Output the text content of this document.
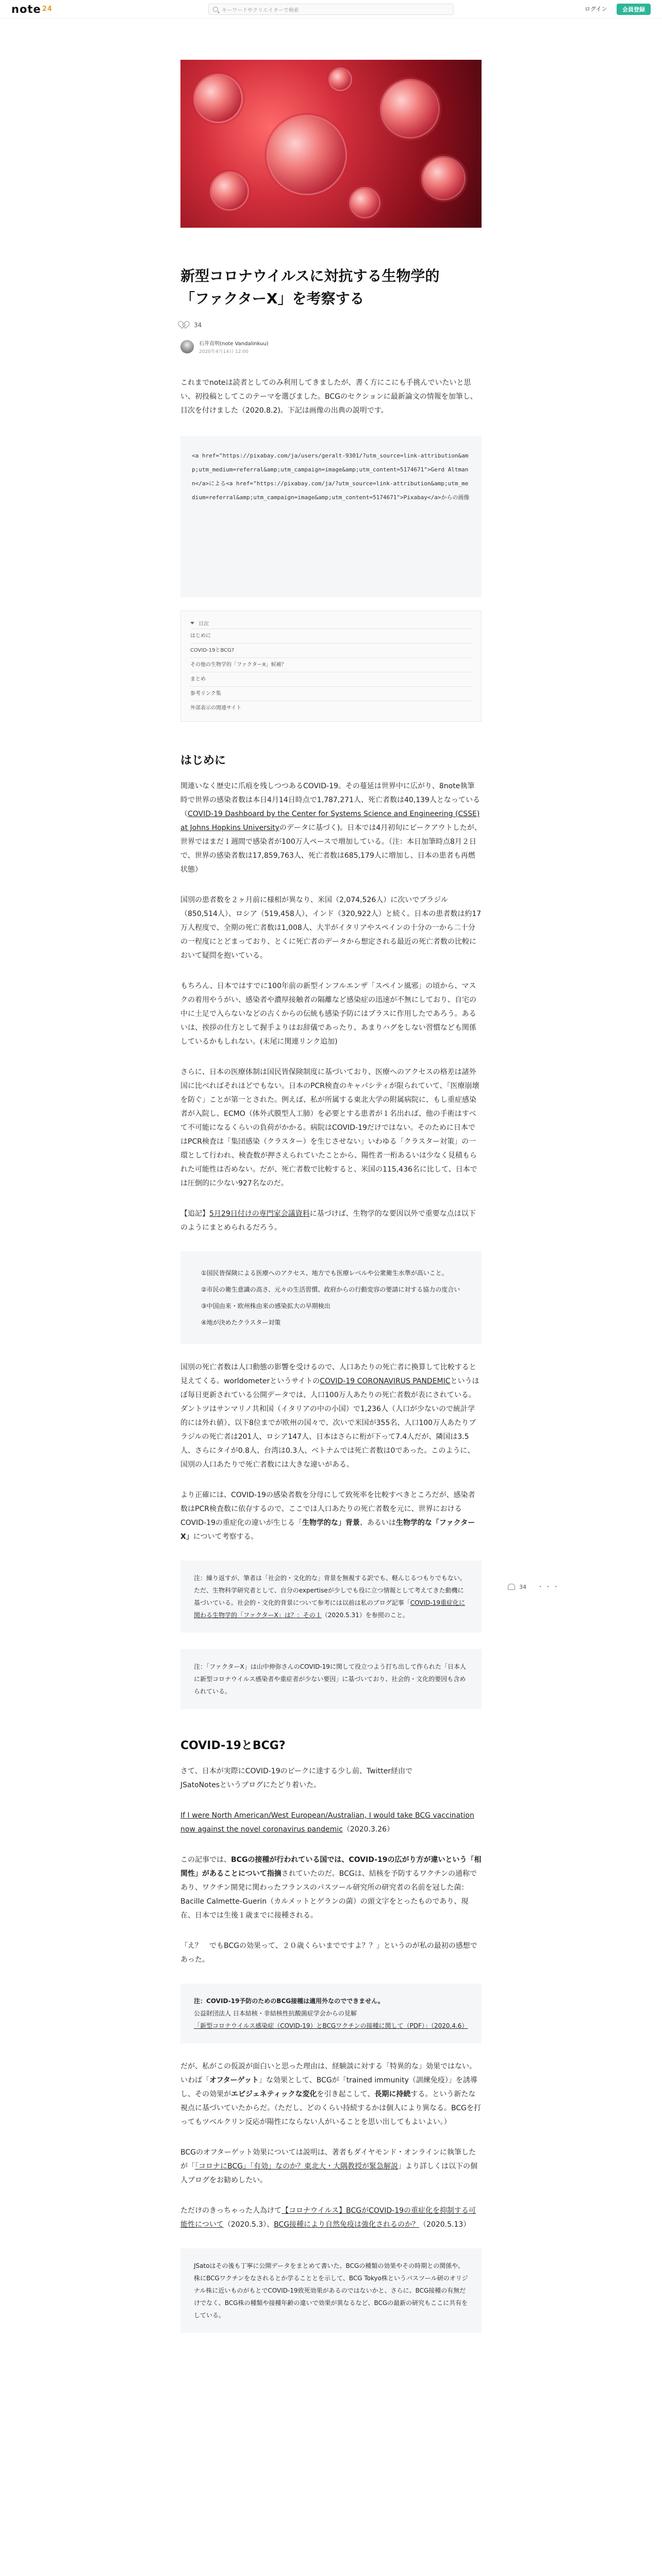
note 24	キーワードやクリエイターで検索	ログイン	会員登録
新型コロナウイルスに対抗する生物学的
「ファクターX」を考察する
34
石井直明(note Vandalinkuu)
2020年4月14日 12:00

これまでnoteは読者としてのみ利用してきましたが、書く方にこにも手挑んでいたいと思い、初投稿としてこのテーマを選びました。BCGのセクションに最新論文の情報を加筆し、目次を付けました（2020.8.2)。下記は画像の出典の説明です。

<a href="https://pixabay.com/ja/users/geralt-9301/?utm_source=link-attribution&amp;utm_medium=referral&amp;utm_campaign=image&amp;utm_content=5174671">Gerd Altmann</a>による<a href="https://pixabay.com/ja/?utm_source=link-attribution&amp;utm_medium=referral&amp;utm_campaign=image&amp;utm_content=5174671">Pixabay</a>からの画像
目次
はじめに
COVID-19とBCG?
その他の生物学的「ファクターX」候補？
まとめ
参考リンク集
外部表示の関連サイト
はじめに

関連いなく歴史に爪痕を残しつつあるCOVID-19。その蔓延は世界中に広がり、8note執筆時で世界の感染者数は本日4月14日時点で1,787,271人、死亡者数は40,139人となっている（COVID-19 Dashboard by the Center for Systems Science and Engineering (CSSE) at Johns Hopkins Universityのデータに基づく)。日本では4月初旬にピークアウトしたが、世界ではまだ１週間で感染者が100万人ペースで増加している。（注：本日加筆時点8月２日で、世界の感染者数は17,859,763人、死亡者数は685,179人に増加し、日本の患者も再燃状態）

国別の患者数を２ヶ月前に様相が異なり、米国（2,074,526人）に次いでブラジル（850,514人）、ロシア（519,458人）、インド（320,922人）と続く。日本の患者数は約17万人程度で、全期の死亡者数は1,008人、大半がイタリアやスペインの十分の一から二十分の一程度にとどまっており、とくに死亡者のデータから想定される最近の死亡者数の比較において疑問を抱いている。

もちろん、日本ではすでに100年前の新型インフルエンザ「スペイン風邪」の頃から、マスクの着用やうがい、感染者や濃厚接触者の隔離など感染症の迅速が不無にしており、自宅の中に土足で入らないなどの古くからの伝統も感染予防にはプラスに作用したであろう。あるいは、挨拶の仕方として握手よりはお辞儀であったり、あまりハグをしない習慣なども関係しているかもしれない。(末尾に関連リンク追加)

さらに、日本の医療体制は国民皆保険制度に基づいており、医療へのアクセスの格差は諸外国に比べればそれほどでもない。日本のPCR検査のキャパシティが限られていて、「医療崩壊を防ぐ」ことが第一とされた。例えば、私が所属する東北大学の附属病院に、もし重症感染者が入院し、ECMO（体外式膜型人工肺）を必要とする患者が１名出れば、他の手術はすべて不可能になるくらいの負荷がかかる。病院はCOVID-19だけではない。そのために日本ではPCR検査は「集団感染（クラスター）を生じさせない」いわゆる「クラスター対策」の一環として行われ、検査数が押さえられていたことから、陽性者一桁あるいは少なく見積もられた可能性は否めない。だが、死亡者数で比較すると、米国の115,436名に比して、日本では圧倒的に少ない927名なのだ。

【追記】5月29日付けの専門家会議資料に基づけば、生物学的な要因以外で重要な点は以下のようにまとめられるだろう。

①国民皆保険による医療へのアクセス、地方でも医療レベルや公衆衛生水準が高いこと。

②市民の衛生意識の高さ、元々の生活習慣、政府からの行動変容の要請に対する協力の度合い

③中国由来・欧州株由来の感染拡大の早期検出

④地が決めたクラスター対策

国別の死亡者数は人口動態の影響を受けるので、人口あたりの死亡者に換算して比較すると見えてくる。worldometerというサイトのCOVID-19 CORONAVIRUS PANDEMICというほぼ毎日更新されている公開データでは、人口100万人あたりの死亡者数が表にされている。ダントツはサンマリノ共和国（イタリアの中の小国）で1,236人（人口が少ないので統計学的には外れ値）、以下8位までが欧州の国々で、次いで米国が355名、人口100万人あたりブラジルの死亡者は201人、ロシア147人、日本はさらに桁が下って7.4人だが、隣国は3.5人、さらにタイが0.8人、台湾は0.3人、ベトナムでは死亡者数は0であった。このように、国別の人口あたりで死亡者数には大きな違いがある。

より正確には、COVID-19の感染者数を分母にして致死率を比較すべきところだが、感染者数はPCR検査数に依存するので、ここでは人口あたりの死亡者数を元に、世界におけるCOVID-19の重症化の違いが生じる「生物学的な」背景、あるいは生物学的な「ファクターX」について考察する。

注：繰り返すが、筆者は「社会的・文化的な」背景を無視する訳でも、軽んじるつもりでもない。ただ、生物科学研究者として、自分のexpertiseが少しでも役に立つ情報として考えてきた動機に基づいている。社会的・文化的背景について参考には以前は私のブログ記事「COVID-19重症化に関わる生物学的「ファクターX」は？：その１（2020.5.31）を参照のこと。

注：「ファクターX」は山中伸弥さんのCOVID-19に関して役立つよう打ち出して作られた「日本人に新型コロナウイルス感染者や重症者が少ない要因」に基づいており、社会的・文化的要因も含められている。

COVID-19とBCG?

さて、日本が実際にCOVID-19のピークに達する少し前、Twitter経由で
JSatoNotesというブログにたどり着いた。

If I were North American/West European/Australian, I would take BCG vaccination now against the novel coronavirus pandemic（2020.3.26）

この記事では、BCGの接種が行われている国では、COVID-19の広がり方が違いという「相関性」があることについて指摘されていたのだ。BCGは、結核を予防するワクチンの通称であり、ワクチン開発に関わったフランスのパスツール研究所の研究者の名前を冠した菌：Bacille Calmette-Guerin（カルメットとゲランの菌）の頭文字をとったものであり、現在、日本では生後１歳までに接種される。

「え？　でもBCGの効果って、２０歳くらいまでですよ？？」というのが私の最初の感想であった。

注：COVID-19予防のためのBCG接種は適用外なのでできません。

公益財団法人 日本結核・非結核性抗酸菌症学会からの見解

「新型コロナウイルス感染症（COVID-19）とBCGワクチンの接種に関して（PDF）」（2020.4.6）

だが、私がこの仮説が面白いと思った理由は、経験談に対する「特異的な」効果ではない。いわば「オフターゲット」な効果として、BCGが「trained immunity（訓練免疫）」を誘導し、その効果がエピジェネティックな変化を引き起こして、長期に持続する。という新たな視点に基づいていたからだ。（ただし、どのくらい持続するかは個人により異なる。BCGを打ってもツベルクリン反応が陽性にならない人がいることを思い出してもよいよい。）

BCGのオフターゲット効果については説明は、著者もダイヤモンド・オンラインに執筆したが「「コロナにBCG」「有効」なのか？東北大・大隅教授が緊急解説」より詳しくは以下の個人ブログをお勧めしたい。

ただけのきっちゃった人為けて【コロナウイルス】BCGがCOVID-19の重症化を抑制する可能性について（2020.5.3）、BCG接種により自然免疫は強化されるのか？（2020.5.13）

JSatoはその後も丁寧に公開データをまとめて書いた。BCGの種類の効果やその時期との関係や、株にBCGワクチンをなされるとか学ることとを示して、BCG Tokyo株というパスツール研のオリジナル株に近いものがもとでCOVID-19致死効果があるのではないかと、さらに、BCG接種の有無だけでなく、BCG株の種類や接種年齢の違いで効果が異なるなど、BCGの最新の研究もここに共有をしている。

34 ・・・
